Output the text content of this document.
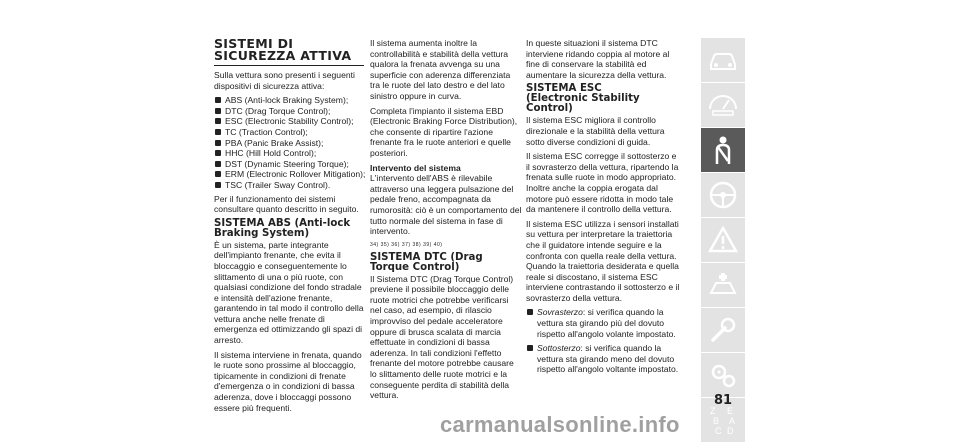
SISTEMI DI
SICUREZZA ATTIVA

Sulla vettura sono presenti i seguenti dispositivi di sicurezza attiva:

ABS (Anti-lock Braking System);
DTC (Drag Torque Control);
ESC (Electronic Stability Control);
TC (Traction Control);
PBA (Panic Brake Assist);
HHC (Hill Hold Control);
DST (Dynamic Steering Torque);
ERM (Electronic Rollover Mitigation);
TSC (Trailer Sway Control).

Per il funzionamento dei sistemi consultare quanto descritto in seguito.

SISTEMA ABS (Anti-lock
Braking System)

È un sistema, parte integrante dell'impianto frenante, che evita il bloccaggio e conseguentemente lo slittamento di una o più ruote, con qualsiasi condizione del fondo stradale e intensità dell'azione frenante, garantendo in tal modo il controllo della vettura anche nelle frenate di emergenza ed ottimizzando gli spazi di arresto.

Il sistema interviene in frenata, quando le ruote sono prossime al bloccaggio, tipicamente in condizioni di frenate d'emergenza o in condizioni di bassa aderenza, dove i bloccaggi possono essere più frequenti.

Il sistema aumenta inoltre la controllabilità e stabilità della vettura qualora la frenata avvenga su una superficie con aderenza differenziata tra le ruote del lato destro e del lato sinistro oppure in curva.

Completa l'impianto il sistema EBD (Electronic Braking Force Distribution), che consente di ripartire l'azione frenante fra le ruote anteriori e quelle posteriori.

Intervento del sistema

L'intervento dell'ABS è rilevabile attraverso una leggera pulsazione del pedale freno, accompagnata da rumorosità: ciò è un comportamento del tutto normale del sistema in fase di intervento.

34) 35) 36) 37) 38) 39) 40)
SISTEMA DTC (Drag
Torque Control)

Il Sistema DTC (Drag Torque Control) previene il possibile bloccaggio delle ruote motrici che potrebbe verificarsi nel caso, ad esempio, di rilascio improvviso del pedale acceleratore oppure di brusca scalata di marcia effettuate in condizioni di bassa aderenza. In tali condizioni l'effetto frenante del motore potrebbe causare lo slittamento delle ruote motrici e la conseguente perdita di stabilità della vettura.

In queste situazioni il sistema DTC interviene ridando coppia al motore al fine di conservare la stabilità ed aumentare la sicurezza della vettura.

SISTEMA ESC
(Electronic Stability
Control)

Il sistema ESC migliora il controllo direzionale e la stabilità della vettura sotto diverse condizioni di guida.

Il sistema ESC corregge il sottosterzo e il sovrasterzo della vettura, ripartendo la frenata sulle ruote in modo appropriato. Inoltre anche la coppia erogata dal motore può essere ridotta in modo tale da mantenere il controllo della vettura.

Il sistema ESC utilizza i sensori installati su vettura per interpretare la traiettoria che il guidatore intende seguire e la confronta con quella reale della vettura. Quando la traiettoria desiderata e quella reale si discostano, il sistema ESC interviene contrastando il sottosterzo e il sovrasterzo della vettura.

Sovrasterzo: si verifica quando la vettura sta girando più del dovuto rispetto all'angolo volante impostato.

Sottosterzo: si verifica quando la vettura sta girando meno del dovuto rispetto all'angolo voltante impostato.

Z E
B A
C D
81
carmanualsonline.info
